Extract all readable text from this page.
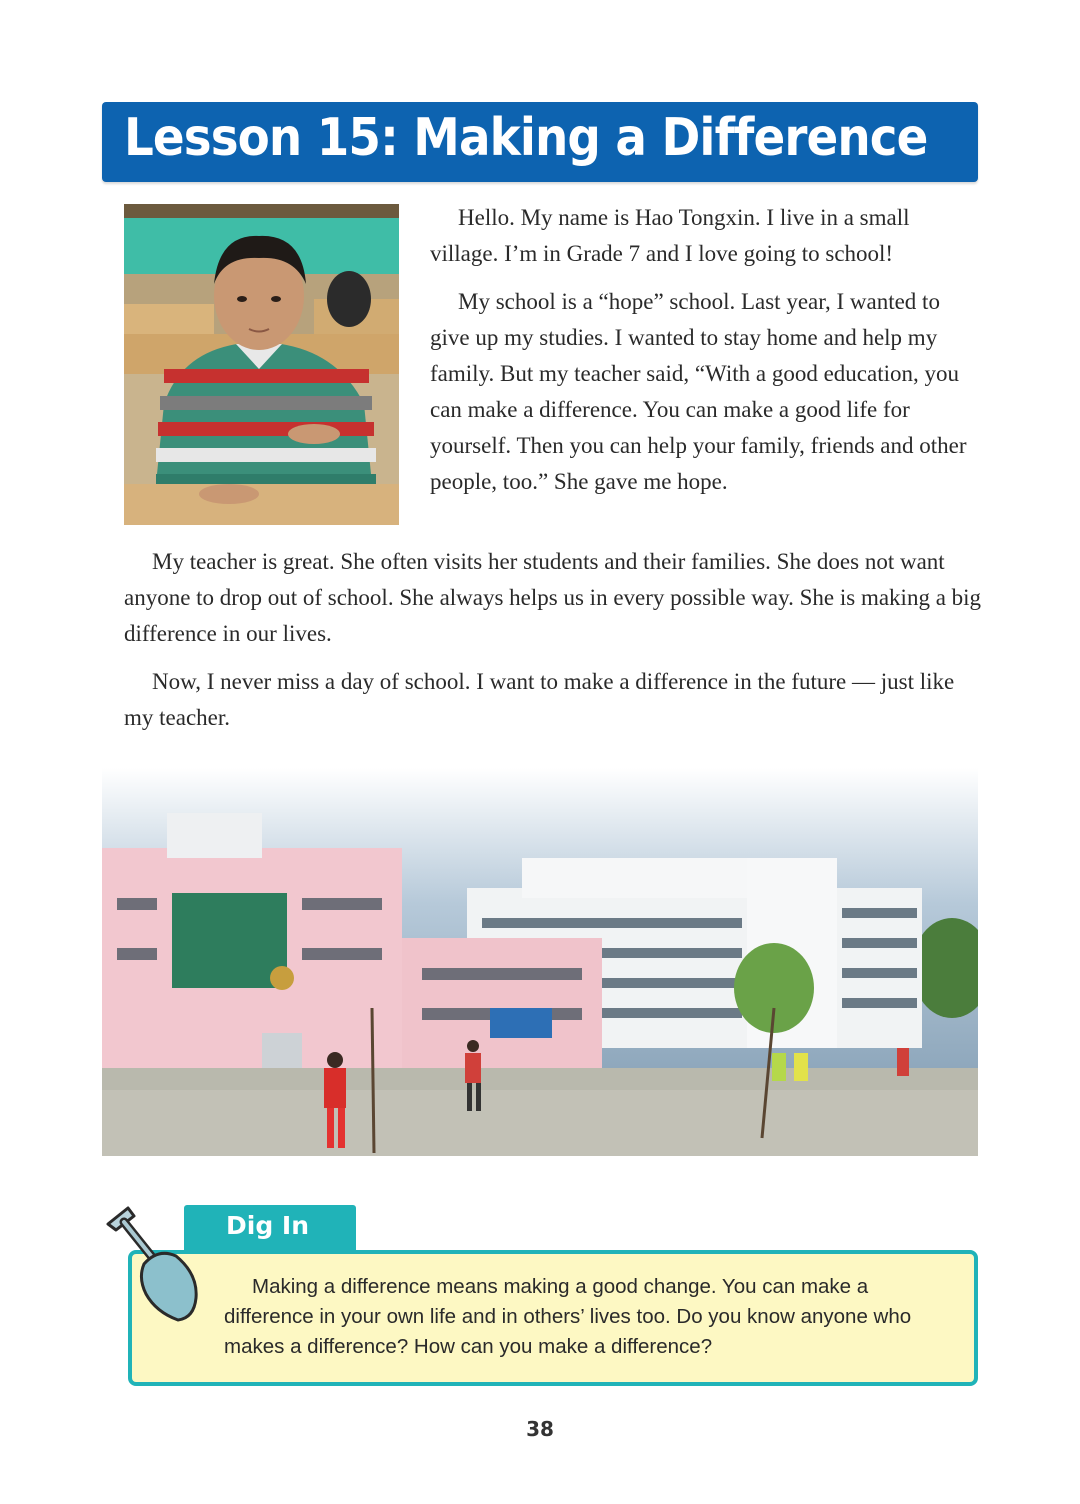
Lesson 15: Making a Difference

Hello. My name is Hao Tongxin. I live in a small village. I’m in Grade 7 and I love going to school!

My school is a “hope” school. Last year, I wanted to give up my studies. I wanted to stay home and help my family. But my teacher said, “With a good education, you can make a difference. You can make a good life for yourself. Then you can help your family, friends and other people, too.” She gave me hope.

My teacher is great. She often visits her students and their families. She does not want anyone to drop out of school. She always helps us in every possible way. She is making a big difference in our lives.

Now, I never miss a day of school. I want to make a difference in the future — just like my teacher.

Dig In

Making a difference means making a good change. You can make a difference in your own life and in others’ lives too. Do you know anyone who makes a difference? How can you make a difference?

38
